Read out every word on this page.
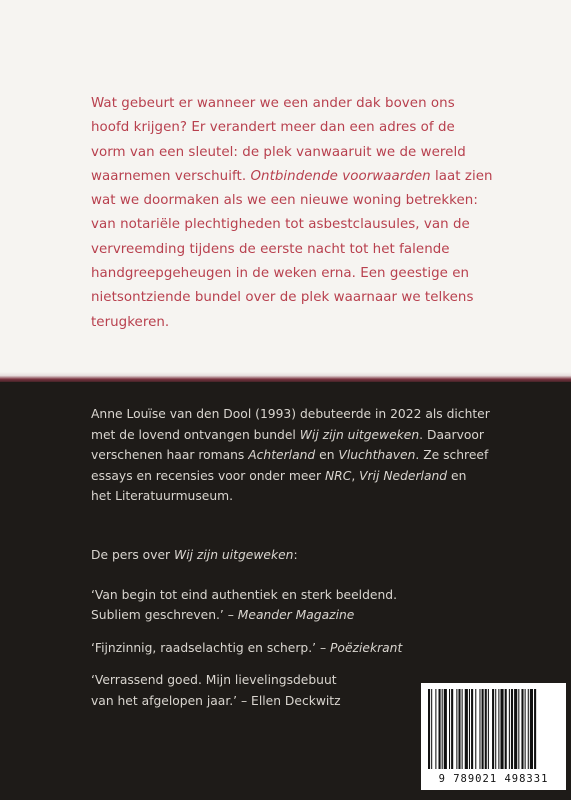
Wat gebeurt er wanneer we een ander dak boven ons

hoofd krijgen? Er verandert meer dan een adres of de

vorm van een sleutel: de plek vanwaaruit we de wereld

waarnemen verschuift. Ontbindende voorwaarden laat zien

wat we doormaken als we een nieuwe woning betrekken:

van notariële plechtigheden tot asbestclausules, van de

vervreemding tijdens de eerste nacht tot het falende

handgreepgeheugen in de weken erna. Een geestige en

nietsontziende bundel over de plek waarnaar we telkens

terugkeren.

Anne Louïse van den Dool (1993) debuteerde in 2022 als dichter

met de lovend ontvangen bundel Wij zijn uitgeweken. Daarvoor

verschenen haar romans Achterland en Vluchthaven. Ze schreef

essays en recensies voor onder meer NRC, Vrij Nederland en

het Literatuurmuseum.

De pers over Wij zijn uitgeweken:

‘Van begin tot eind authentiek en sterk beeldend.
Subliem geschreven.’ – Meander Magazine
‘Fijnzinnig, raadselachtig en scherp.’ – Poëziekrant
‘Verrassend goed. Mijn lievelingsdebuut
van het afgelopen jaar.’ – Ellen Deckwitz
9 789021 498331
